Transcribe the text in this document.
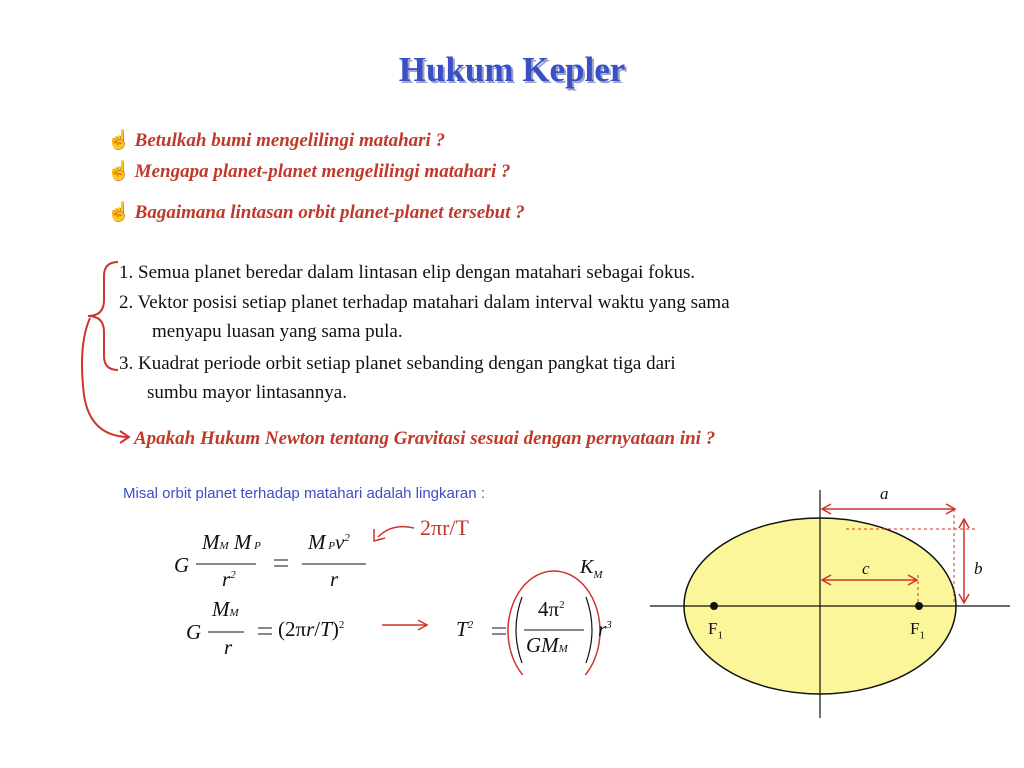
Hukum Kepler
☝ Betulkah bumi mengelilingi matahari ?
☝ Mengapa planet-planet mengelilingi matahari ?
☝ Bagaimana lintasan orbit planet-planet tersebut ?
1. Semua planet beredar dalam lintasan elip dengan matahari sebagai fokus.
2. Vektor posisi setiap planet terhadap matahari dalam interval waktu yang sama
menyapu luasan yang sama pula.
3. Kuadrat periode orbit setiap planet sebanding dengan pangkat tiga dari
sumbu mayor lintasannya.
Apakah Hukum Newton tentang Gravitasi sesuai dengan pernyataan ini ?
Misal orbit planet terhadap matahari adalah lingkaran :
G
MM M P
$r^2$
M Pv$^2$
r
G
MM
r
$(2\pi r/T)^2$	$T^2$
$4\pi^2$
GMM
$r^3$
2πr/T
$K_M$
a
c	b
$F_1$	$F_1$
